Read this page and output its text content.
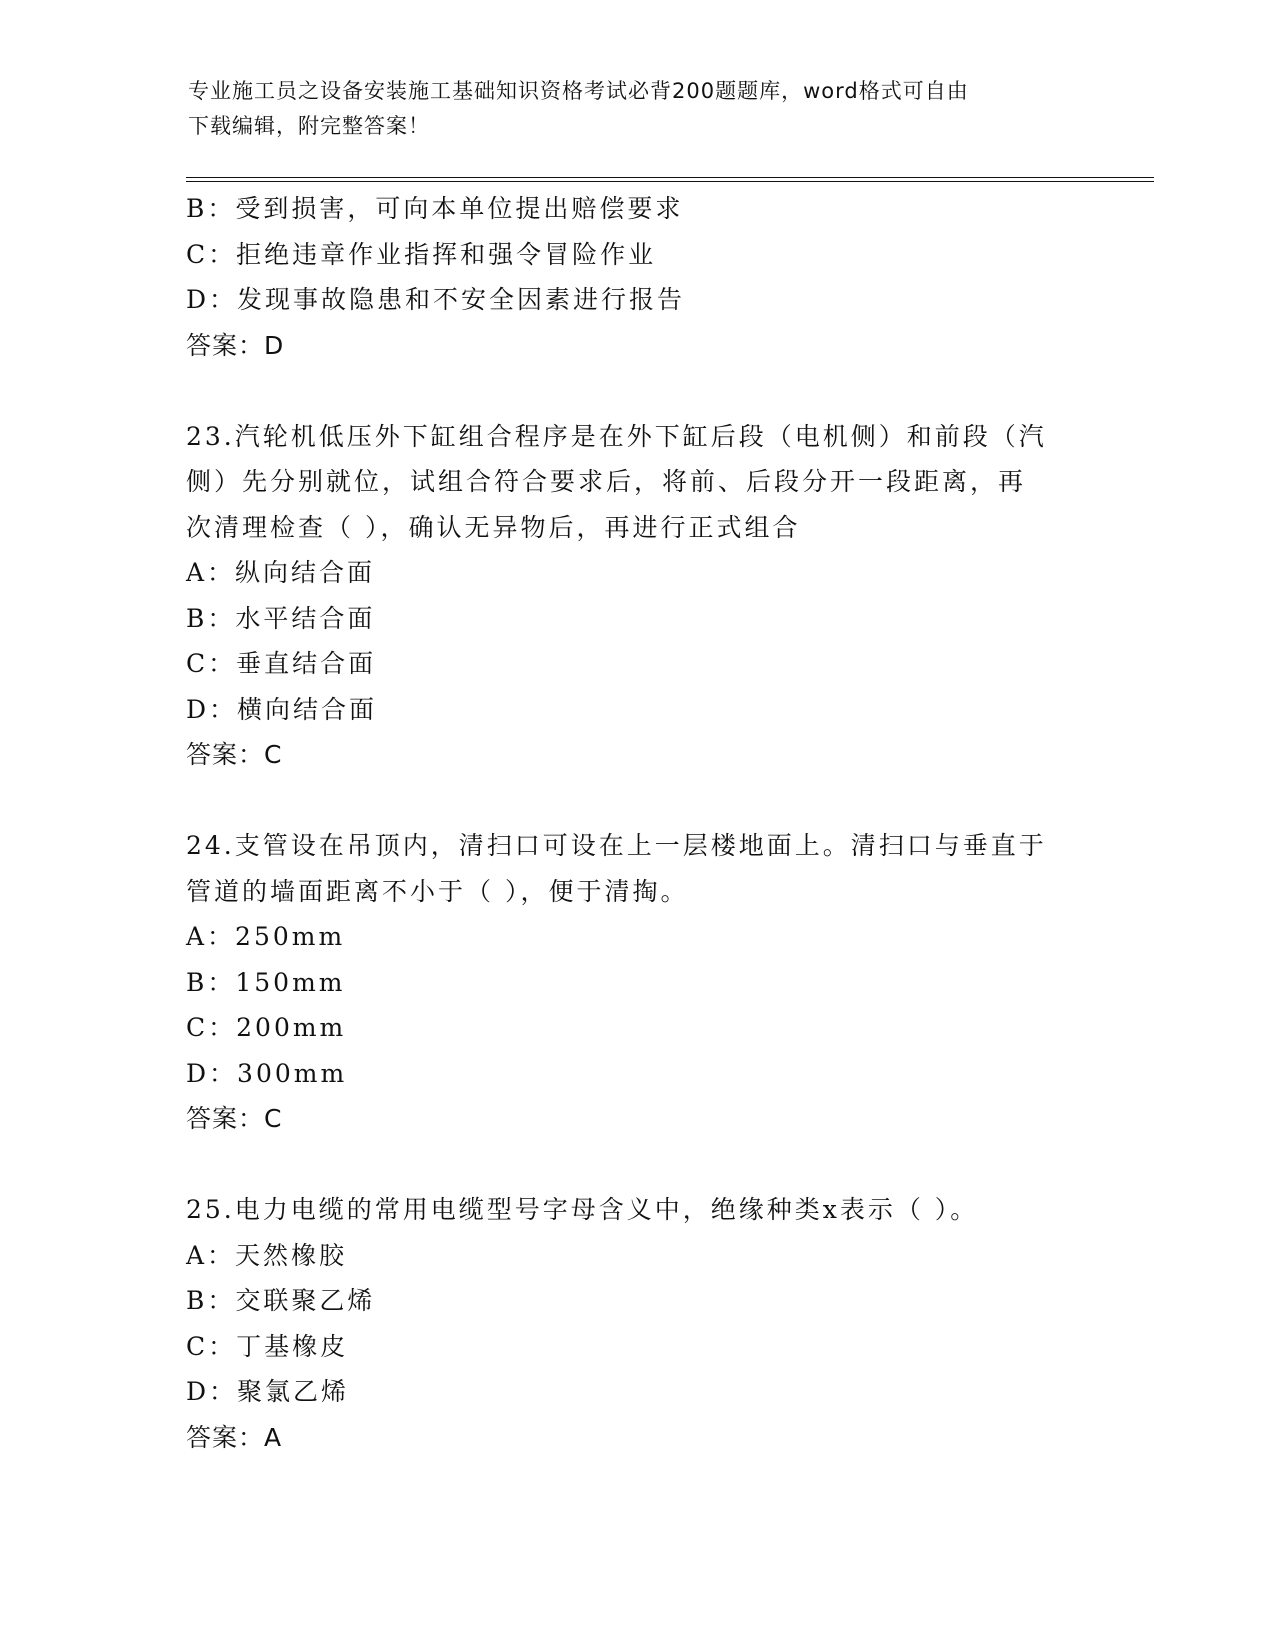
专业施工员之设备安装施工基础知识资格考试必背200题题库，word格式可自由
下载编辑，附完整答案！
B：受到损害，可向本单位提出赔偿要求
C：拒绝违章作业指挥和强令冒险作业
D：发现事故隐患和不安全因素进行报告
答案：D
23.汽轮机低压外下缸组合程序是在外下缸后段（电机侧）和前段（汽
侧）先分别就位，试组合符合要求后，将前、后段分开一段距离，再
次清理检查（ ），确认无异物后，再进行正式组合
A：纵向结合面
B：水平结合面
C：垂直结合面
D：横向结合面
答案：C
24.支管设在吊顶内，清扫口可设在上一层楼地面上。清扫口与垂直于
管道的墙面距离不小于（ ），便于清掏。
A：250mm
B：150mm
C：200mm
D：300mm
答案：C
25.电力电缆的常用电缆型号字母含义中，绝缘种类x表示（ ）。
A：天然橡胶
B：交联聚乙烯
C：丁基橡皮
D：聚氯乙烯
答案：A
